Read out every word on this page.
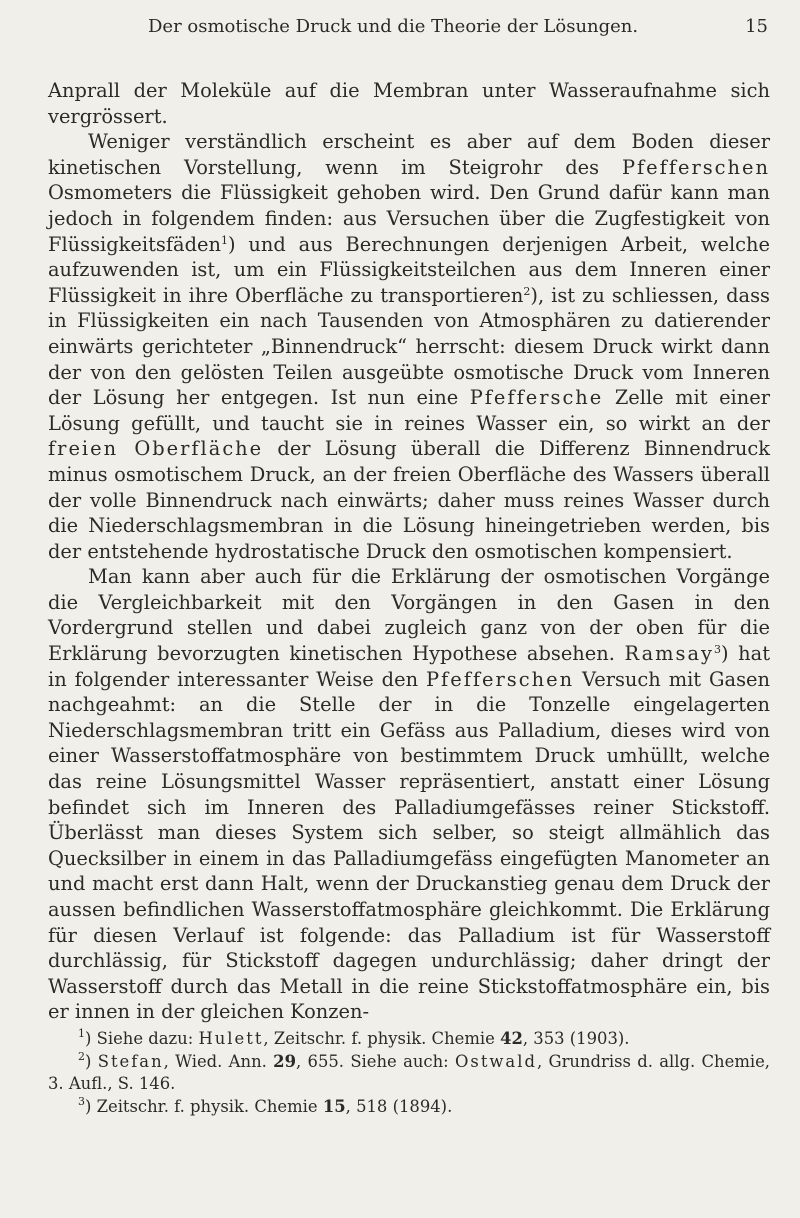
Der osmotische Druck und die Theorie der Lösungen.	15

Anprall der Moleküle auf die Membran unter Wasseraufnahme sich vergrössert.

Weniger verständlich erscheint es aber auf dem Boden dieser kinetischen Vorstellung, wenn im Steigrohr des Pfefferschen Osmometers die Flüssigkeit gehoben wird. Den Grund dafür kann man jedoch in folgendem finden: aus Versuchen über die Zugfestigkeit von Flüssigkeitsfäden$^1$) und aus Berechnungen derjenigen Arbeit, welche aufzuwenden ist, um ein Flüssigkeitsteilchen aus dem Inneren einer Flüssigkeit in ihre Oberfläche zu transportieren$^2$), ist zu schliessen, dass in Flüssigkeiten ein nach Tausenden von Atmosphären zu datierender einwärts gerichteter „Binnendruck“ herrscht: diesem Druck wirkt dann der von den gelösten Teilen ausgeübte osmotische Druck vom Inneren der Lösung her entgegen. Ist nun eine Pfeffersche Zelle mit einer Lösung gefüllt, und taucht sie in reines Wasser ein, so wirkt an der freien Oberfläche der Lösung überall die Differenz Binnendruck minus osmotischem Druck, an der freien Oberfläche des Wassers überall der volle Binnendruck nach einwärts; daher muss reines Wasser durch die Niederschlagsmembran in die Lösung hineingetrieben werden, bis der entstehende hydrostatische Druck den osmotischen kompensiert.

Man kann aber auch für die Erklärung der osmotischen Vorgänge die Vergleichbarkeit mit den Vorgängen in den Gasen in den Vordergrund stellen und dabei zugleich ganz von der oben für die Erklärung bevorzugten kinetischen Hypothese absehen. Ramsay$^3$) hat in folgender interessanter Weise den Pfefferschen Versuch mit Gasen nachgeahmt: an die Stelle der in die Tonzelle eingelagerten Niederschlagsmembran tritt ein Gefäss aus Palladium, dieses wird von einer Wasserstoffatmosphäre von bestimmtem Druck umhüllt, welche das reine Lösungsmittel Wasser repräsentiert, anstatt einer Lösung befindet sich im Inneren des Palladiumgefässes reiner Stickstoff. Überlässt man dieses System sich selber, so steigt allmählich das Quecksilber in einem in das Palladiumgefäss eingefügten Manometer an und macht erst dann Halt, wenn der Druckanstieg genau dem Druck der aussen befindlichen Wasserstoffatmosphäre gleichkommt. Die Erklärung für diesen Verlauf ist folgende: das Palladium ist für Wasserstoff durchlässig, für Stickstoff dagegen undurchlässig; daher dringt der Wasserstoff durch das Metall in die reine Stickstoffatmosphäre ein, bis er innen in der gleichen Konzen-

$^1$) Siehe dazu: Hulett, Zeitschr. f. physik. Chemie 42, 353 (1903).

$^2$) Stefan, Wied. Ann. 29, 655. Siehe auch: Ostwald, Grundriss d. allg. Chemie, 3. Aufl., S. 146.

$^3$) Zeitschr. f. physik. Chemie 15, 518 (1894).
